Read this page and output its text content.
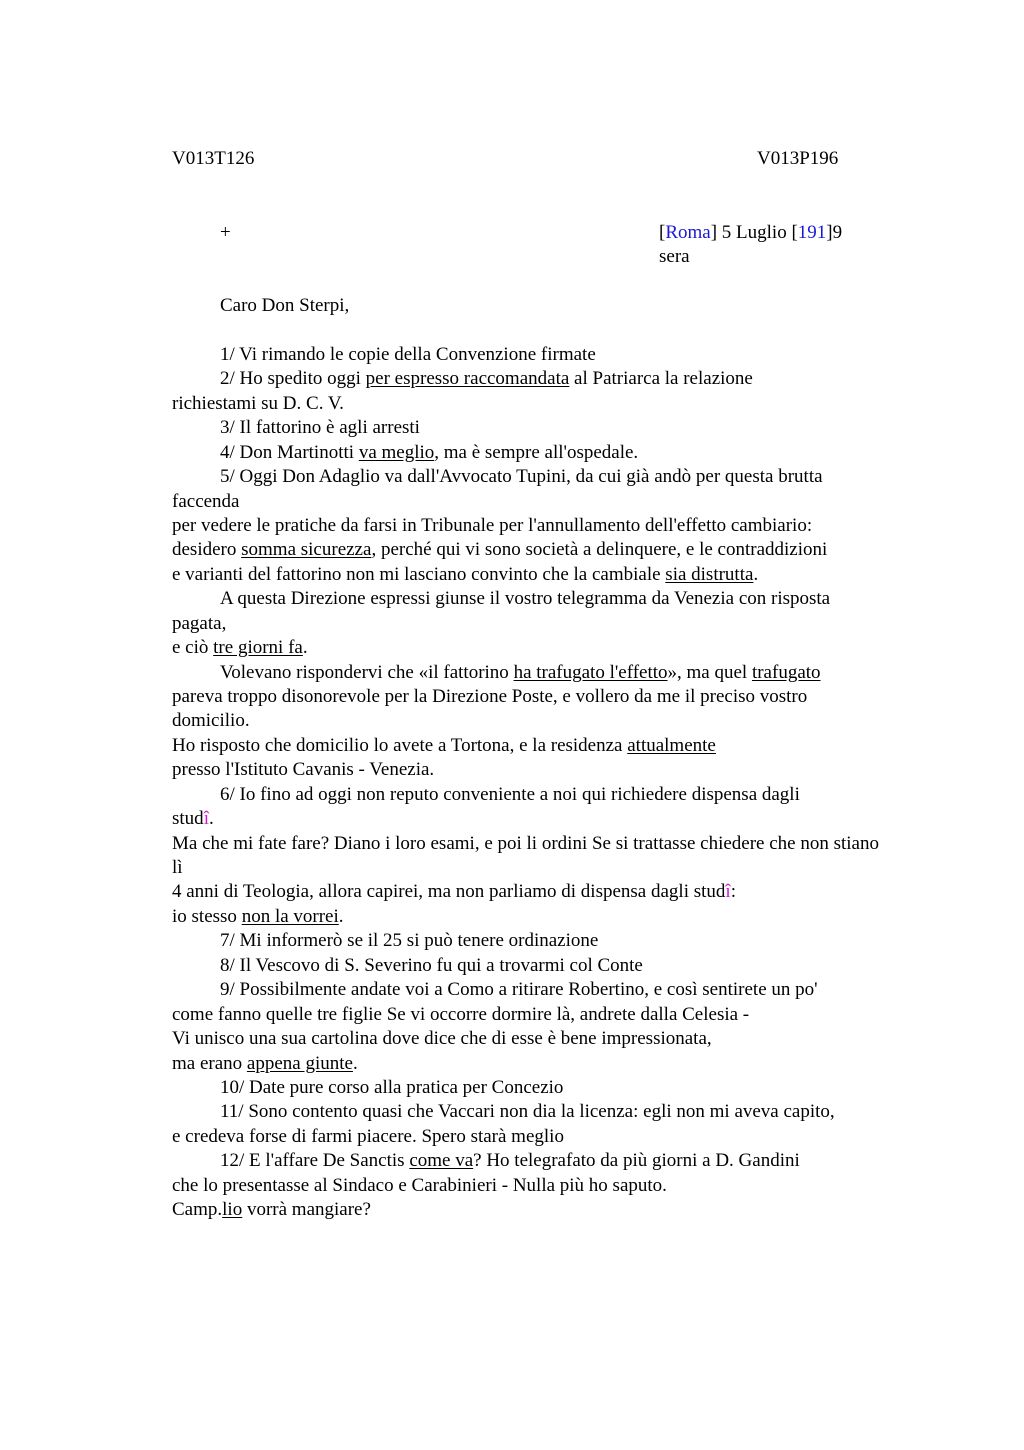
V013T126	V013P196
+	[Roma] 5 Luglio [191]9
sera
Caro Don Sterpi,
1/ Vi rimando le copie della Convenzione firmate
2/ Ho spedito oggi per espresso raccomandata al Patriarca la relazione
richiestami su D. C. V.
3/ Il fattorino è agli arresti
4/ Don Martinotti va meglio, ma è sempre all'ospedale.
5/ Oggi Don Adaglio va dall'Avvocato Tupini, da cui già andò per questa brutta
faccenda
per vedere le pratiche da farsi in Tribunale per l'annullamento dell'effetto cambiario:
desidero somma sicurezza, perché qui vi sono società a delinquere, e le contraddizioni
e varianti del fattorino non mi lasciano convinto che la cambiale sia distrutta.
A questa Direzione espressi giunse il vostro telegramma da Venezia con risposta
pagata,
e ciò tre giorni fa.
Volevano rispondervi che «il fattorino ha trafugato l'effetto», ma quel trafugato
pareva troppo disonorevole per la Direzione Poste, e vollero da me il preciso vostro
domicilio.
Ho risposto che domicilio lo avete a Tortona, e la residenza attualmente
presso l'Istituto Cavanis - Venezia.
6/ Io fino ad oggi non reputo conveniente a noi qui richiedere dispensa dagli
studî.
Ma che mi fate fare? Diano i loro esami, e poi li ordini Se si trattasse chiedere che non stiano
lì
4 anni di Teologia, allora capirei, ma non parliamo di dispensa dagli studî:
io stesso non la vorrei.
7/ Mi informerò se il 25 si può tenere ordinazione
8/ Il Vescovo di S. Severino fu qui a trovarmi col Conte
9/ Possibilmente andate voi a Como a ritirare Robertino, e così sentirete un po'
come fanno quelle tre figlie Se vi occorre dormire là, andrete dalla Celesia -
Vi unisco una sua cartolina dove dice che di esse è bene impressionata,
ma erano appena giunte.
10/ Date pure corso alla pratica per Concezio
11/ Sono contento quasi che Vaccari non dia la licenza: egli non mi aveva capito,
e credeva forse di farmi piacere. Spero starà meglio
12/ E l'affare De Sanctis come va? Ho telegrafato da più giorni a D. Gandini
che lo presentasse al Sindaco e Carabinieri - Nulla più ho saputo.
Camp.lio vorrà mangiare?
